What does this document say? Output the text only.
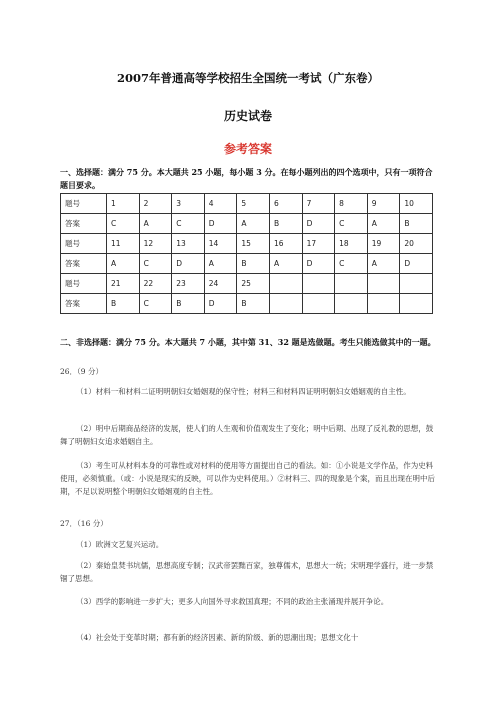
2007年普通高等学校招生全国统一考试（广东卷）
历史试卷
参考答案
一、选择题：满分 75 分。本大题共 25 小题，每小题 3 分。在每小题列出的四个选项中，只有一项符合题目要求。
题号	1	2	3	4	5	6	7	8	9	10
答案	C	A	C	D	A	B	D	C	A	B
题号	11	12	13	14	15	16	17	18	19	20
答案	A	C	D	A	B	A	D	C	A	D
题号	21	22	23	24	25					
答案	B	C	B	D	B					
二、非选择题：满分 75 分。本大题共 7 小题，其中第 31、32 题是选做题。考生只能选做其中的一题。
26．（9 分）

（1）材料一和材料二证明明朝妇女婚姻观的保守性；材料三和材料四证明明朝妇女婚姻观的自主性。

（2）明中后期商品经济的发展，使人们的人生观和价值观发生了变化；明中后期、出现了反礼教的思想，鼓舞了明朝妇女追求婚姻自主。

（3）考生可从材料本身的可靠性或对材料的使用等方面提出自己的看法。如：①小说是文学作品，作为史料使用，必须慎重。（或：小说是现实的反映，可以作为史料使用。）②材料三、四的现象是个案，而且出现在明中后期，不足以说明整个明朝妇女婚姻观的自主性。

27．（16 分）

（1）欧洲文艺复兴运动。

（2）秦始皇焚书坑儒，思想高度专制；汉武帝罢黜百家，独尊儒术，思想大一统；宋明理学盛行，进一步禁锢了思想。

（3）西学的影响进一步扩大；更多人向国外寻求救国真理；不同的政治主张涌现并展开争论。

（4）社会处于变革时期；都有新的经济因素、新的阶级、新的思潮出现；思想文化十
